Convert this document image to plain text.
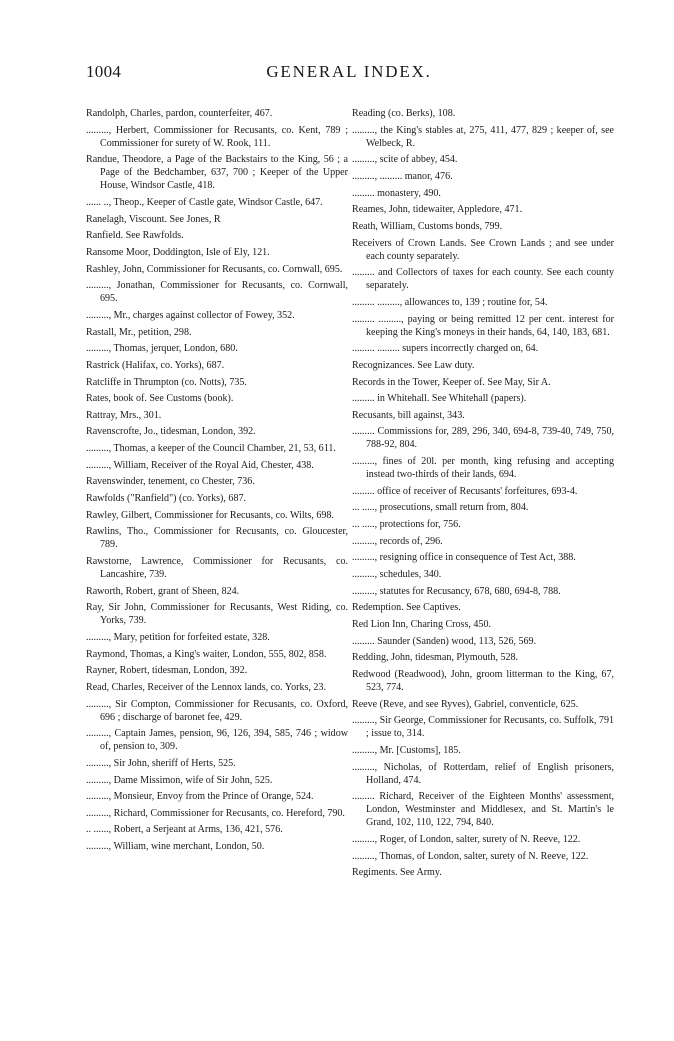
1004	GENERAL INDEX.

Randolph, Charles, pardon, counterfeiter, 467.

........., Herbert, Commissioner for Recusants, co. Kent, 789 ; Commissioner for surety of W. Rook, 111.

Randue, Theodore, a Page of the Backstairs to the King, 56 ; a Page of the Bedchamber, 637, 700 ; Keeper of the Upper House, Windsor Castle, 418.

...... .., Theop., Keeper of Castle gate, Windsor Castle, 647.

Ranelagh, Viscount. See Jones, R

Ranfield. See Rawfolds.

Ransome Moor, Doddington, Isle of Ely, 121.

Rashley, John, Commissioner for Recusants, co. Cornwall, 695.

........., Jonathan, Commissioner for Recusants, co. Cornwall, 695.

........., Mr., charges against collector of Fowey, 352.

Rastall, Mr., petition, 298.

........., Thomas, jerquer, London, 680.

Rastrick (Halifax, co. Yorks), 687.

Ratcliffe in Thrumpton (co. Notts), 735.

Rates, book of. See Customs (book).

Rattray, Mrs., 301.

Ravenscrofte, Jo., tidesman, London, 392.

........., Thomas, a keeper of the Council Chamber, 21, 53, 611.

........., William, Receiver of the Royal Aid, Chester, 438.

Ravenswinder, tenement, co Chester, 736.

Rawfolds ("Ranfield") (co. Yorks), 687.

Rawley, Gilbert, Commissioner for Recusants, co. Wilts, 698.

Rawlins, Tho., Commissioner for Recusants, co. Gloucester, 789.

Rawstorne, Lawrence, Commissioner for Recusants, co. Lancashire, 739.

Raworth, Robert, grant of Sheen, 824.

Ray, Sir John, Commissioner for Recusants, West Riding, co. Yorks, 739.

........., Mary, petition for forfeited estate, 328.

Raymond, Thomas, a King's waiter, London, 555, 802, 858.

Rayner, Robert, tidesman, London, 392.

Read, Charles, Receiver of the Lennox lands, co. Yorks, 23.

........., Sir Compton, Commissioner for Recusants, co. Oxford, 696 ; discharge of baronet fee, 429.

........., Captain James, pension, 96, 126, 394, 585, 746 ; widow of, pension to, 309.

........., Sir John, sheriff of Herts, 525.

........., Dame Missimon, wife of Sir John, 525.

........., Monsieur, Envoy from the Prince of Orange, 524.

........., Richard, Commissioner for Recusants, co. Hereford, 790.

.. ......, Robert, a Serjeant at Arms, 136, 421, 576.

........., William, wine merchant, London, 50.

Reading (co. Berks), 108.

........., the King's stables at, 275, 411, 477, 829 ; keeper of, see Welbeck, R.

........., scite of abbey, 454.

........., ......... manor, 476.

......... monastery, 490.

Reames, John, tidewaiter, Appledore, 471.

Reath, William, Customs bonds, 799.

Receivers of Crown Lands. See Crown Lands ; and see under each county separately.

......... and Collectors of taxes for each county. See each county separately.

......... ........., allowances to, 139 ; routine for, 54.

......... ........., paying or being remitted 12 per cent. interest for keeping the King's moneys in their hands, 64, 140, 183, 681.

......... ......... supers incorrectly charged on, 64.

Recognizances. See Law duty.

Records in the Tower, Keeper of. See May, Sir A.

......... in Whitehall. See Whitehall (papers).

Recusants, bill against, 343.

......... Commissions for, 289, 296, 340, 694-8, 739-40, 749, 750, 788-92, 804.

........., fines of 20l. per month, king refusing and accepting instead two-thirds of their lands, 694.

......... office of receiver of Recusants' forfeitures, 693-4.

... ....., prosecutions, small return from, 804.

... ....., protections for, 756.

........., records of, 296.

........., resigning office in consequence of Test Act, 388.

........., schedules, 340.

........., statutes for Recusancy, 678, 680, 694-8, 788.

Redemption. See Captives.

Red Lion Inn, Charing Cross, 450.

......... Saunder (Sanden) wood, 113, 526, 569.

Redding, John, tidesman, Plymouth, 528.

Redwood (Readwood), John, groom litterman to the King, 67, 523, 774.

Reeve (Reve, and see Ryves), Gabriel, conventicle, 625.

........., Sir George, Commissioner for Recusants, co. Suffolk, 791 ; issue to, 314.

........., Mr. [Customs], 185.

........., Nicholas, of Rotterdam, relief of English prisoners, Holland, 474.

......... Richard, Receiver of the Eighteen Months' assessment, London, Westminster and Middlesex, and St. Martin's le Grand, 102, 110, 122, 794, 840.

........., Roger, of London, salter, surety of N. Reeve, 122.

........., Thomas, of London, salter, surety of N. Reeve, 122.

Regiments. See Army.
